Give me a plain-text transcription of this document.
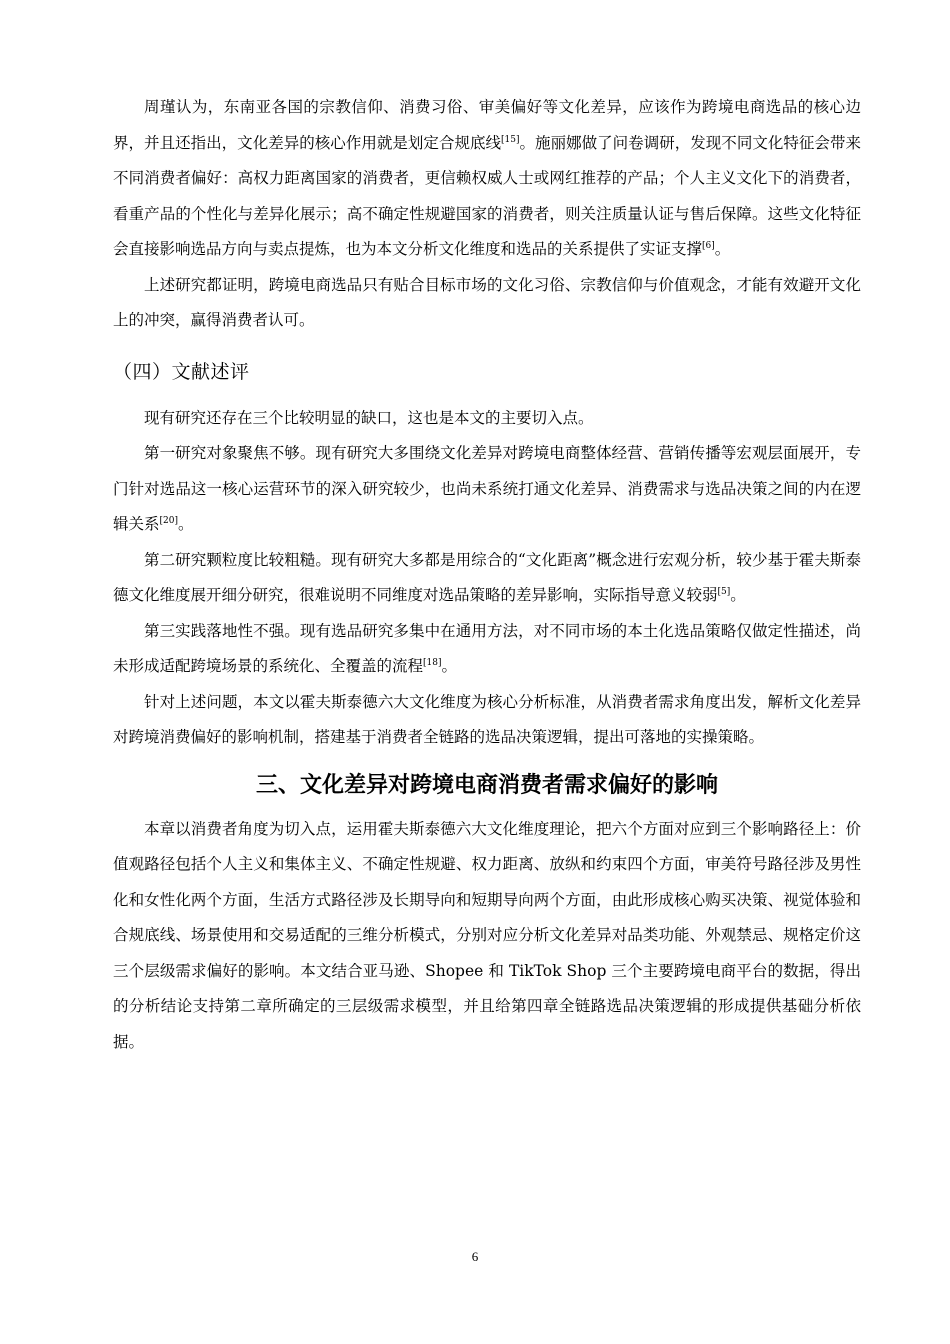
周瑾认为，东南亚各国的宗教信仰、消费习俗、审美偏好等文化差异，应该作为跨境电商选品的核心边界，并且还指出，文化差异的核心作用就是划定合规底线[15]。施丽娜做了问卷调研，发现不同文化特征会带来不同消费者偏好：高权力距离国家的消费者，更信赖权威人士或网红推荐的产品；个人主义文化下的消费者，看重产品的个性化与差异化展示；高不确定性规避国家的消费者，则关注质量认证与售后保障。这些文化特征会直接影响选品方向与卖点提炼，也为本文分析文化维度和选品的关系提供了实证支撑[6]。

上述研究都证明，跨境电商选品只有贴合目标市场的文化习俗、宗教信仰与价值观念，才能有效避开文化上的冲突，赢得消费者认可。

（四）文献述评

现有研究还存在三个比较明显的缺口，这也是本文的主要切入点。

第一研究对象聚焦不够。现有研究大多围绕文化差异对跨境电商整体经营、营销传播等宏观层面展开，专门针对选品这一核心运营环节的深入研究较少，也尚未系统打通文化差异、消费需求与选品决策之间的内在逻辑关系[20]。

第二研究颗粒度比较粗糙。现有研究大多都是用综合的“文化距离”概念进行宏观分析，较少基于霍夫斯泰德文化维度展开细分研究，很难说明不同维度对选品策略的差异影响，实际指导意义较弱[5]。

第三实践落地性不强。现有选品研究多集中在通用方法，对不同市场的本土化选品策略仅做定性描述，尚未形成适配跨境场景的系统化、全覆盖的流程[18]。

针对上述问题，本文以霍夫斯泰德六大文化维度为核心分析标准，从消费者需求角度出发，解析文化差异对跨境消费偏好的影响机制，搭建基于消费者全链路的选品决策逻辑，提出可落地的实操策略。

三、文化差异对跨境电商消费者需求偏好的影响

本章以消费者角度为切入点，运用霍夫斯泰德六大文化维度理论，把六个方面对应到三个影响路径上：价值观路径包括个人主义和集体主义、不确定性规避、权力距离、放纵和约束四个方面，审美符号路径涉及男性化和女性化两个方面，生活方式路径涉及长期导向和短期导向两个方面，由此形成核心购买决策、视觉体验和合规底线、场景使用和交易适配的三维分析模式，分别对应分析文化差异对品类功能、外观禁忌、规格定价这三个层级需求偏好的影响。本文结合亚马逊、Shopee 和 TikTok Shop 三个主要跨境电商平台的数据，得出的分析结论支持第二章所确定的三层级需求模型，并且给第四章全链路选品决策逻辑的形成提供基础分析依据。

6
